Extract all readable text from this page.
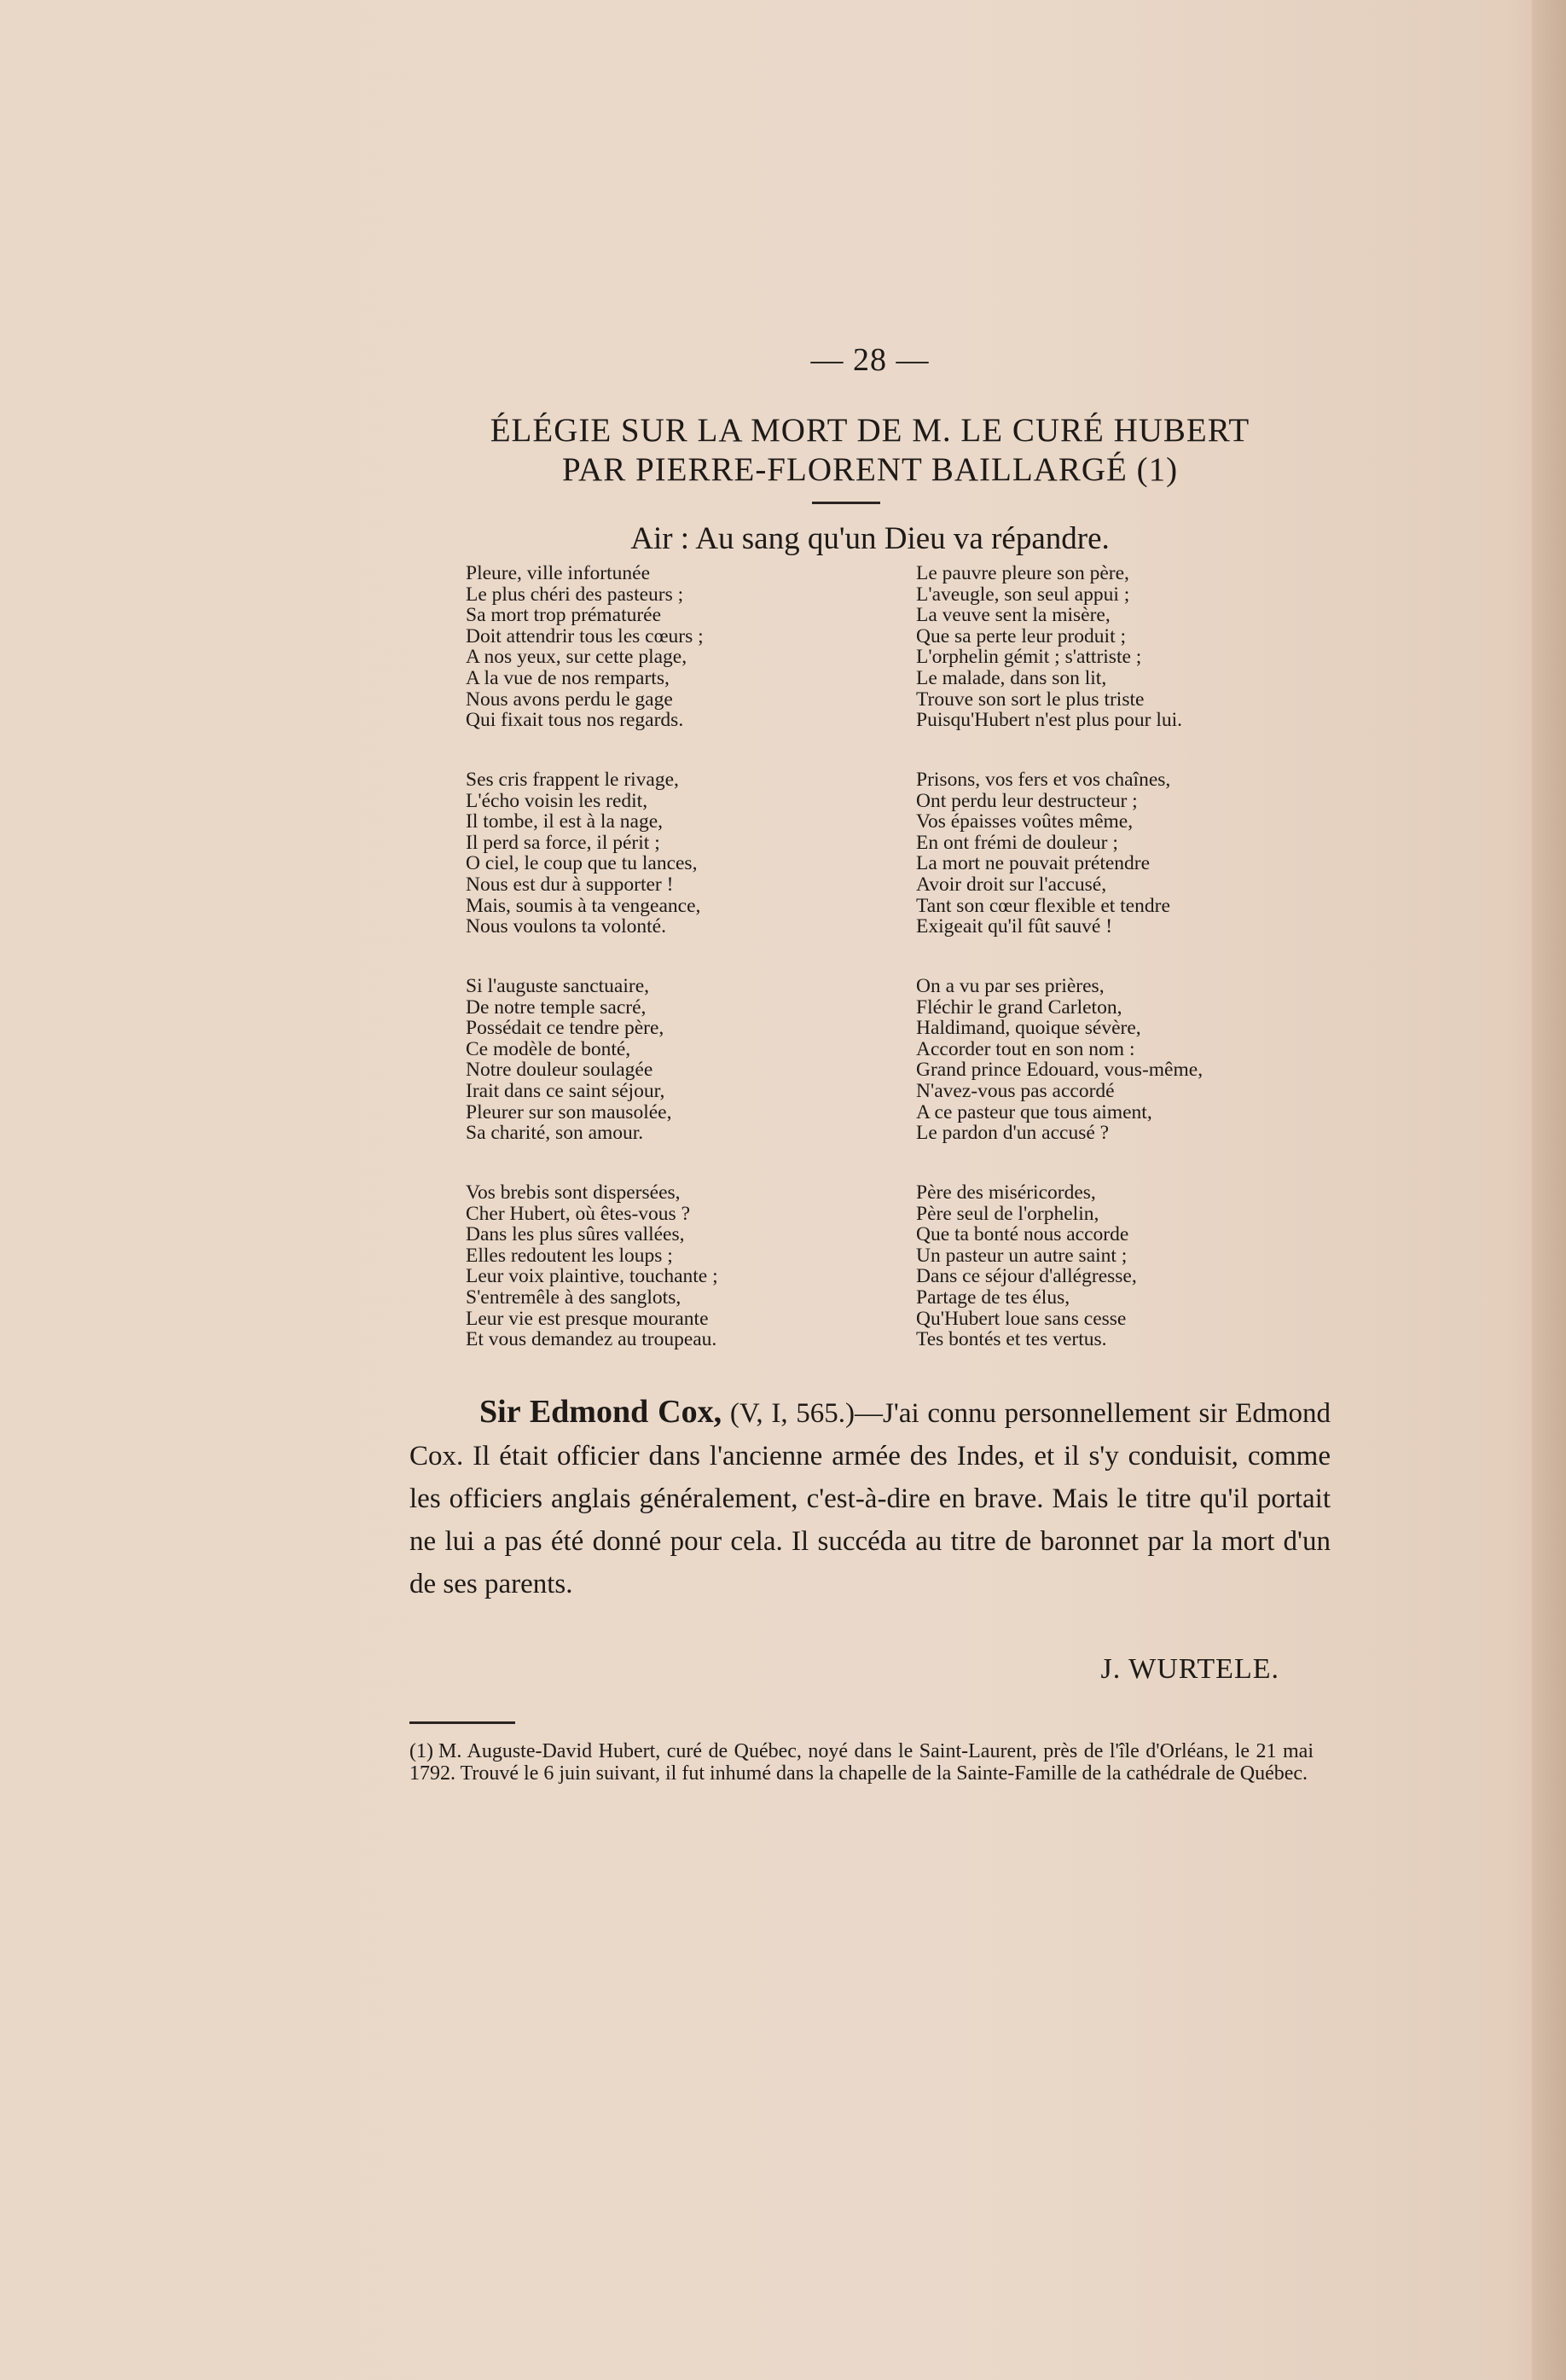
— 28 —
ÉLÉGIE SUR LA MORT DE M. LE CURÉ HUBERT
PAR PIERRE-FLORENT BAILLARGÉ (1)
Air : Au sang qu'un Dieu va répandre.
Pleure, ville infortunée
Le plus chéri des pasteurs ;
Sa mort trop prématurée
Doit attendrir tous les cœurs ;
A nos yeux, sur cette plage,
A la vue de nos remparts,
Nous avons perdu le gage
Qui fixait tous nos regards.
Ses cris frappent le rivage,
L'écho voisin les redit,
Il tombe, il est à la nage,
Il perd sa force, il périt ;
O ciel, le coup que tu lances,
Nous est dur à supporter !
Mais, soumis à ta vengeance,
Nous voulons ta volonté.
Si l'auguste sanctuaire,
De notre temple sacré,
Possédait ce tendre père,
Ce modèle de bonté,
Notre douleur soulagée
Irait dans ce saint séjour,
Pleurer sur son mausolée,
Sa charité, son amour.
Vos brebis sont dispersées,
Cher Hubert, où êtes-vous ?
Dans les plus sûres vallées,
Elles redoutent les loups ;
Leur voix plaintive, touchante ;
S'entremêle à des sanglots,
Leur vie est presque mourante
Et vous demandez au troupeau.
Le pauvre pleure son père,
L'aveugle, son seul appui ;
La veuve sent la misère,
Que sa perte leur produit ;
L'orphelin gémit ; s'attriste ;
Le malade, dans son lit,
Trouve son sort le plus triste
Puisqu'Hubert n'est plus pour lui.
Prisons, vos fers et vos chaînes,
Ont perdu leur destructeur ;
Vos épaisses voûtes même,
En ont frémi de douleur ;
La mort ne pouvait prétendre
Avoir droit sur l'accusé,
Tant son cœur flexible et tendre
Exigeait qu'il fût sauvé !
On a vu par ses prières,
Fléchir le grand Carleton,
Haldimand, quoique sévère,
Accorder tout en son nom :
Grand prince Edouard, vous-même,
N'avez-vous pas accordé
A ce pasteur que tous aiment,
Le pardon d'un accusé ?
Père des miséricordes,
Père seul de l'orphelin,
Que ta bonté nous accorde
Un pasteur un autre saint ;
Dans ce séjour d'allégresse,
Partage de tes élus,
Qu'Hubert loue sans cesse
Tes bontés et tes vertus.
Sir Edmond Cox, (V, I, 565.)—J'ai connu personnellement sir Edmond Cox. Il était officier dans l'ancienne armée des Indes, et il s'y conduisit, comme les officiers anglais généralement, c'est-à-dire en brave. Mais le titre qu'il portait ne lui a pas été donné pour cela. Il succéda au titre de baronnet par la mort d'un de ses parents.
J. WURTELE.
(1) M. Auguste-David Hubert, curé de Québec, noyé dans le Saint-Laurent, près de l'île d'Orléans, le 21 mai 1792. Trouvé le 6 juin suivant, il fut inhumé dans la chapelle de la Sainte-Famille de la cathédrale de Québec.
